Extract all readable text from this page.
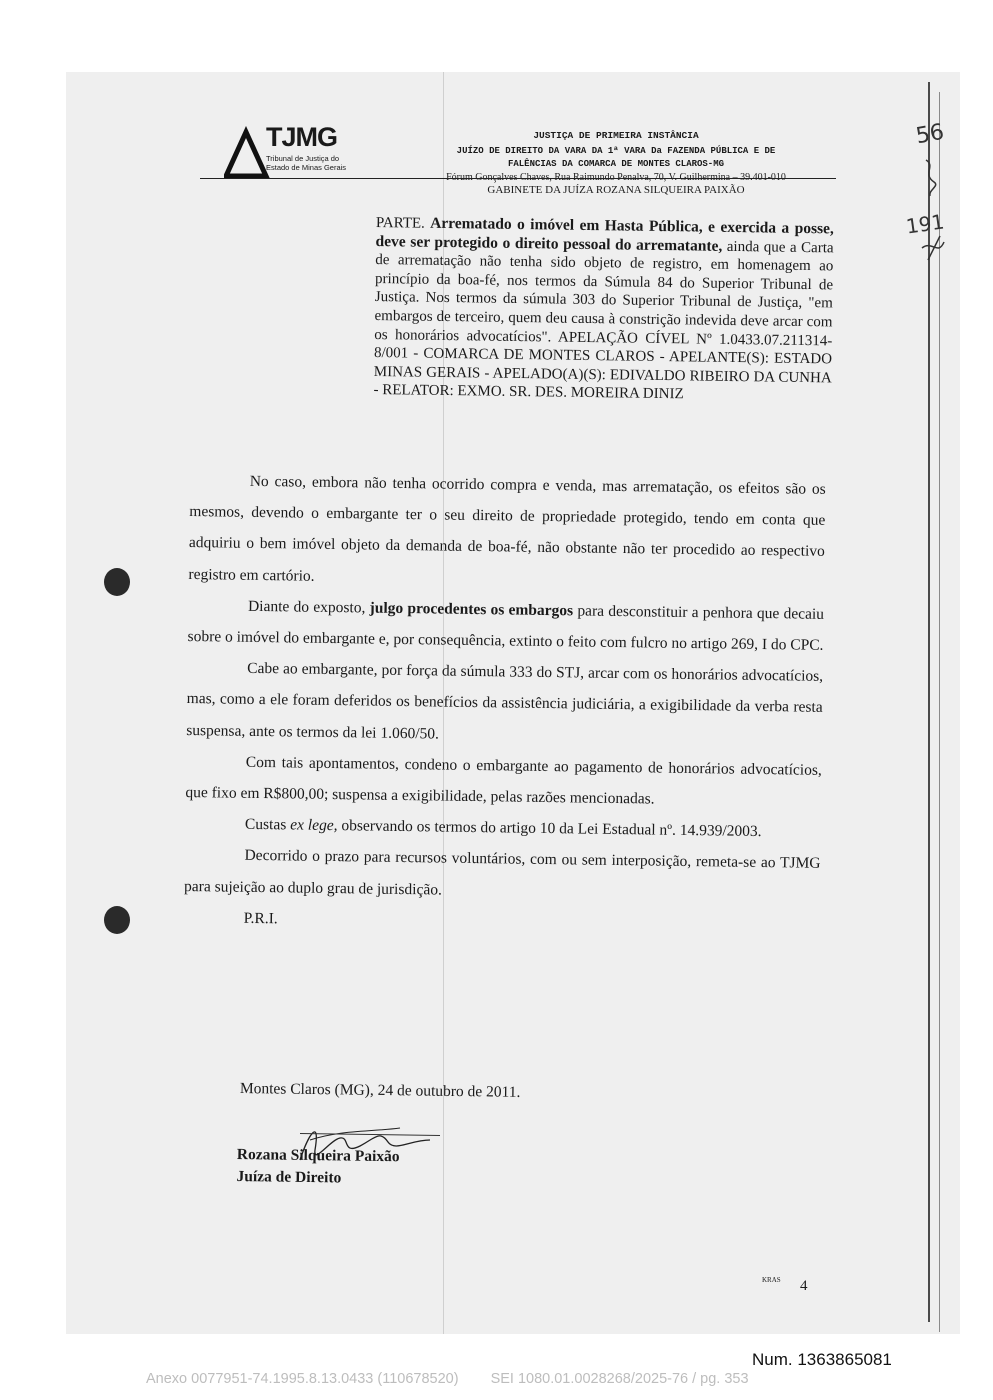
TJMG
Tribunal de Justiça do
Estado de Minas Gerais
JUSTIÇA DE PRIMEIRA INSTÂNCIA
JUÍZO DE DIREITO DA VARA DA 1ª VARA Da FAZENDA PÚBLICA E DE
FALÊNCIAS DA COMARCA DE MONTES CLAROS-MG
GABINETE DA JUÍZA ROZANA SILQUEIRA PAIXÃO
56
191
PARTE. Arrematado o imóvel em Hasta Pública, e exercida a posse, deve ser protegido o direito pessoal do arrematante, ainda que a Carta de arrematação não tenha sido objeto de registro, em homenagem ao princípio da boa-fé, nos termos da Súmula 84 do Superior Tribunal de Justiça. Nos termos da súmula 303 do Superior Tribunal de Justiça, "em embargos de terceiro, quem deu causa à constrição indevida deve arcar com os honorários advocatícios". APELAÇÃO CÍVEL Nº 1.0433.07.211314-8/001 - COMARCA DE MONTES CLAROS - APELANTE(S): ESTADO MINAS GERAIS - APELADO(A)(S): EDIVALDO RIBEIRO DA CUNHA - RELATOR: EXMO. SR. DES. MOREIRA DINIZ

No caso, embora não tenha ocorrido compra e venda, mas arrematação, os efeitos são os mesmos, devendo o embargante ter o seu direito de propriedade protegido, tendo em conta que adquiriu o bem imóvel objeto da demanda de boa-fé, não obstante não ter procedido ao respectivo registro em cartório.

Diante do exposto, julgo procedentes os embargos para desconstituir a penhora que decaiu sobre o imóvel do embargante e, por consequência, extinto o feito com fulcro no artigo 269, I do CPC.

Cabe ao embargante, por força da súmula 333 do STJ, arcar com os honorários advocatícios, mas, como a ele foram deferidos os benefícios da assistência judiciária, a exigibilidade da verba resta suspensa, ante os termos da lei 1.060/50.

Com tais apontamentos, condeno o embargante ao pagamento de honorários advocatícios, que fixo em R$800,00; suspensa a exigibilidade, pelas razões mencionadas.

Custas ex lege, observando os termos do artigo 10 da Lei Estadual nº. 14.939/2003.

Decorrido o prazo para recursos voluntários, com ou sem interposição, remeta-se ao TJMG para sujeição ao duplo grau de jurisdição.

P.R.I.

Montes Claros (MG), 24 de outubro de 2011.
Rozana Silqueira Paixão
Juíza de Direito
KRAS 4
Num. 1363865081
Anexo 0077951-74.1995.8.13.0433 (110678520) SEI 1080.01.0028268/2025-76 / pg. 353
